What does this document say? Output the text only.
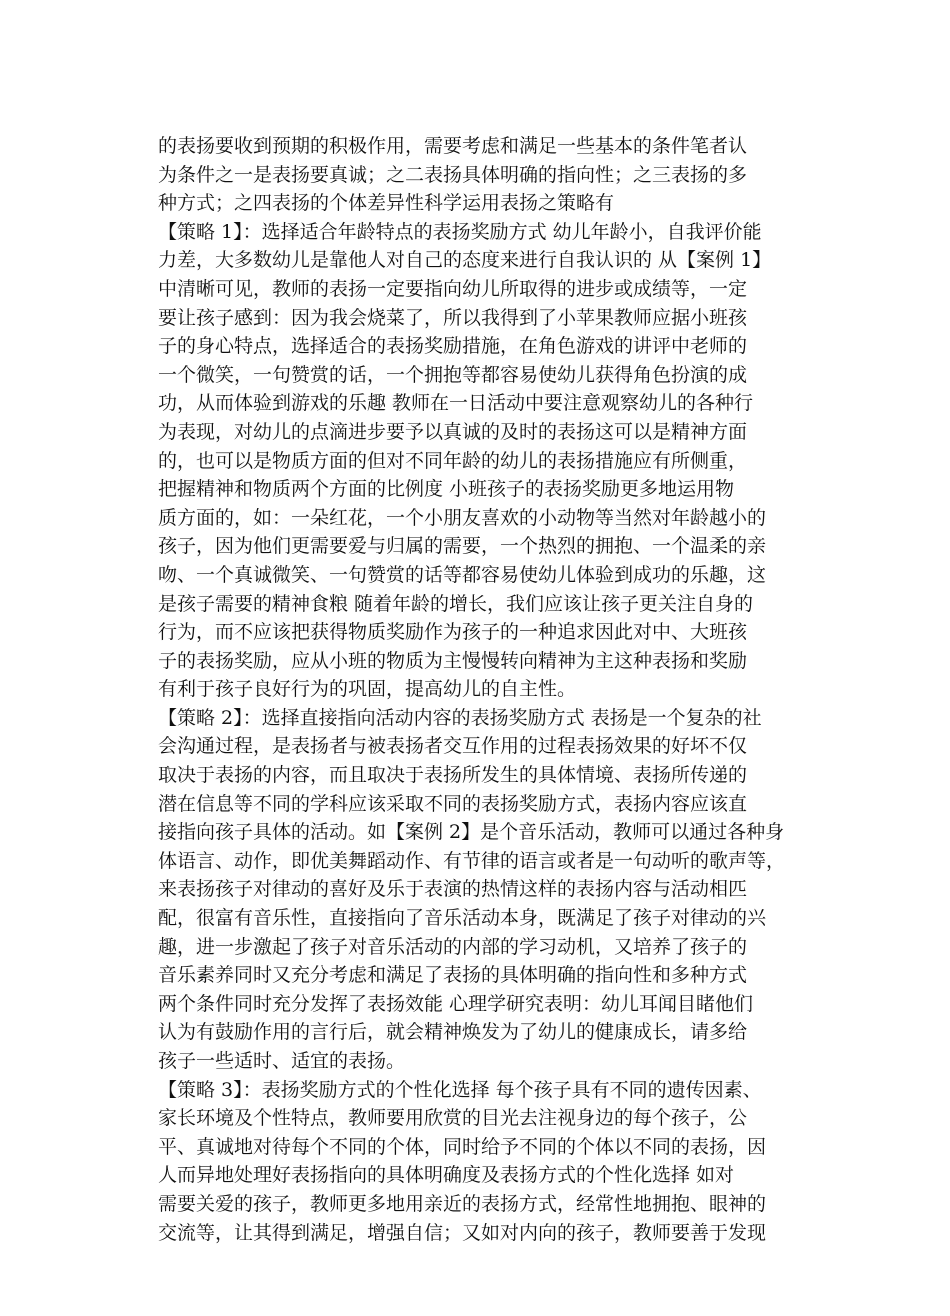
的表扬要收到预期的积极作用，需要考虑和满足一些基本的条件笔者认
为条件之一是表扬要真诚；之二表扬具体明确的指向性；之三表扬的多
种方式；之四表扬的个体差异性科学运用表扬之策略有
【策略 1】：选择适合年龄特点的表扬奖励方式 幼儿年龄小，自我评价能
力差，大多数幼儿是靠他人对自己的态度来进行自我认识的 从【案例 1】
中清晰可见，教师的表扬一定要指向幼儿所取得的进步或成绩等，一定
要让孩子感到：因为我会烧菜了，所以我得到了小苹果教师应据小班孩
子的身心特点，选择适合的表扬奖励措施，在角色游戏的讲评中老师的
一个微笑，一句赞赏的话，一个拥抱等都容易使幼儿获得角色扮演的成
功，从而体验到游戏的乐趣 教师在一日活动中要注意观察幼儿的各种行
为表现，对幼儿的点滴进步要予以真诚的及时的表扬这可以是精神方面
的，也可以是物质方面的但对不同年龄的幼儿的表扬措施应有所侧重，
把握精神和物质两个方面的比例度 小班孩子的表扬奖励更多地运用物
质方面的，如：一朵红花，一个小朋友喜欢的小动物等当然对年龄越小的
孩子，因为他们更需要爱与归属的需要，一个热烈的拥抱、一个温柔的亲
吻、一个真诚微笑、一句赞赏的话等都容易使幼儿体验到成功的乐趣，这
是孩子需要的精神食粮 随着年龄的增长，我们应该让孩子更关注自身的
行为，而不应该把获得物质奖励作为孩子的一种追求因此对中、大班孩
子的表扬奖励，应从小班的物质为主慢慢转向精神为主这种表扬和奖励
有利于孩子良好行为的巩固，提高幼儿的自主性。
【策略 2】：选择直接指向活动内容的表扬奖励方式 表扬是一个复杂的社
会沟通过程，是表扬者与被表扬者交互作用的过程表扬效果的好坏不仅
取决于表扬的内容，而且取决于表扬所发生的具体情境、表扬所传递的
潜在信息等不同的学科应该采取不同的表扬奖励方式，表扬内容应该直
接指向孩子具体的活动。如【案例 2】是个音乐活动，教师可以通过各种身
体语言、动作，即优美舞蹈动作、有节律的语言或者是一句动听的歌声等，
来表扬孩子对律动的喜好及乐于表演的热情这样的表扬内容与活动相匹
配，很富有音乐性，直接指向了音乐活动本身，既满足了孩子对律动的兴
趣，进一步激起了孩子对音乐活动的内部的学习动机，又培养了孩子的
音乐素养同时又充分考虑和满足了表扬的具体明确的指向性和多种方式
两个条件同时充分发挥了表扬效能 心理学研究表明：幼儿耳闻目睹他们
认为有鼓励作用的言行后，就会精神焕发为了幼儿的健康成长，请多给
孩子一些适时、适宜的表扬。
【策略 3】：表扬奖励方式的个性化选择 每个孩子具有不同的遗传因素、
家长环境及个性特点，教师要用欣赏的目光去注视身边的每个孩子，公
平、真诚地对待每个不同的个体，同时给予不同的个体以不同的表扬，因
人而异地处理好表扬指向的具体明确度及表扬方式的个性化选择 如对
需要关爱的孩子，教师更多地用亲近的表扬方式，经常性地拥抱、眼神的
交流等，让其得到满足，增强自信；又如对内向的孩子，教师要善于发现
